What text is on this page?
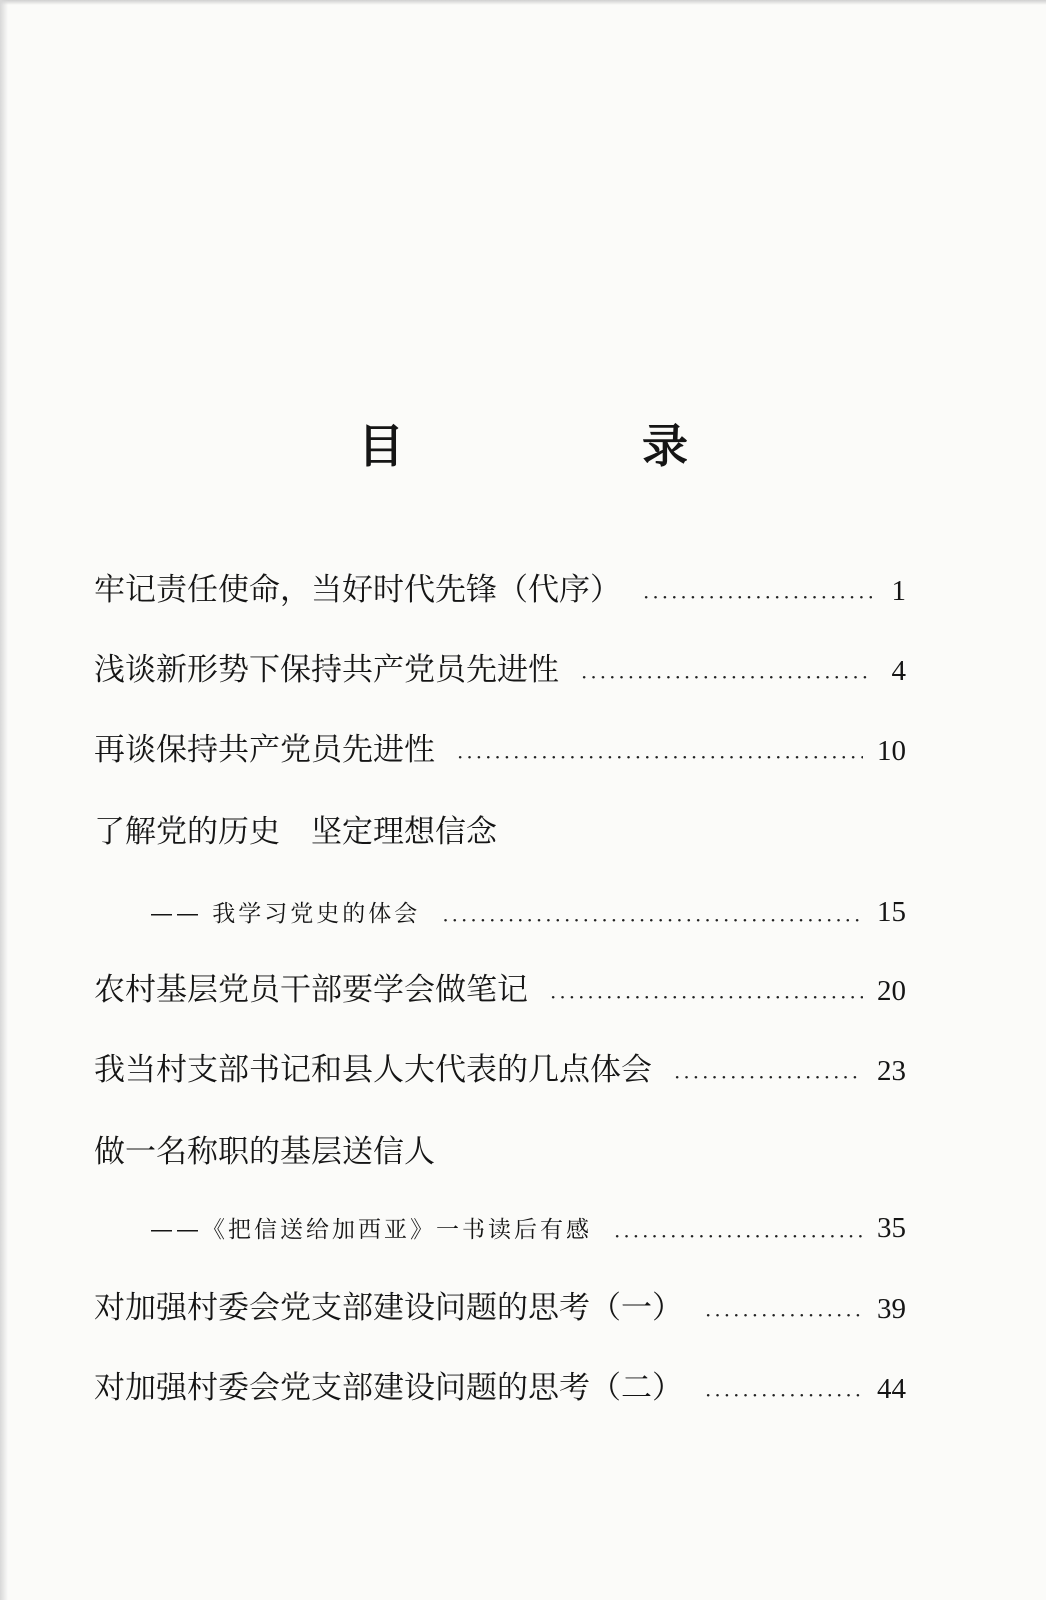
目　录
牢记责任使命，当好时代先锋（代序） ·····	1
浅谈新形势下保持共产党员先进性 ·····	4
再谈保持共产党员先进性 ·····	10
了解党的历史　坚定理想信念
—— 我学习党史的体会 ·····	15
农村基层党员干部要学会做笔记 ·····	20
我当村支部书记和县人大代表的几点体会 ·····	23
做一名称职的基层送信人
——《把信送给加西亚》一书读后有感 ·····	35
对加强村委会党支部建设问题的思考（一） ·····	39
对加强村委会党支部建设问题的思考（二） ·····	44
